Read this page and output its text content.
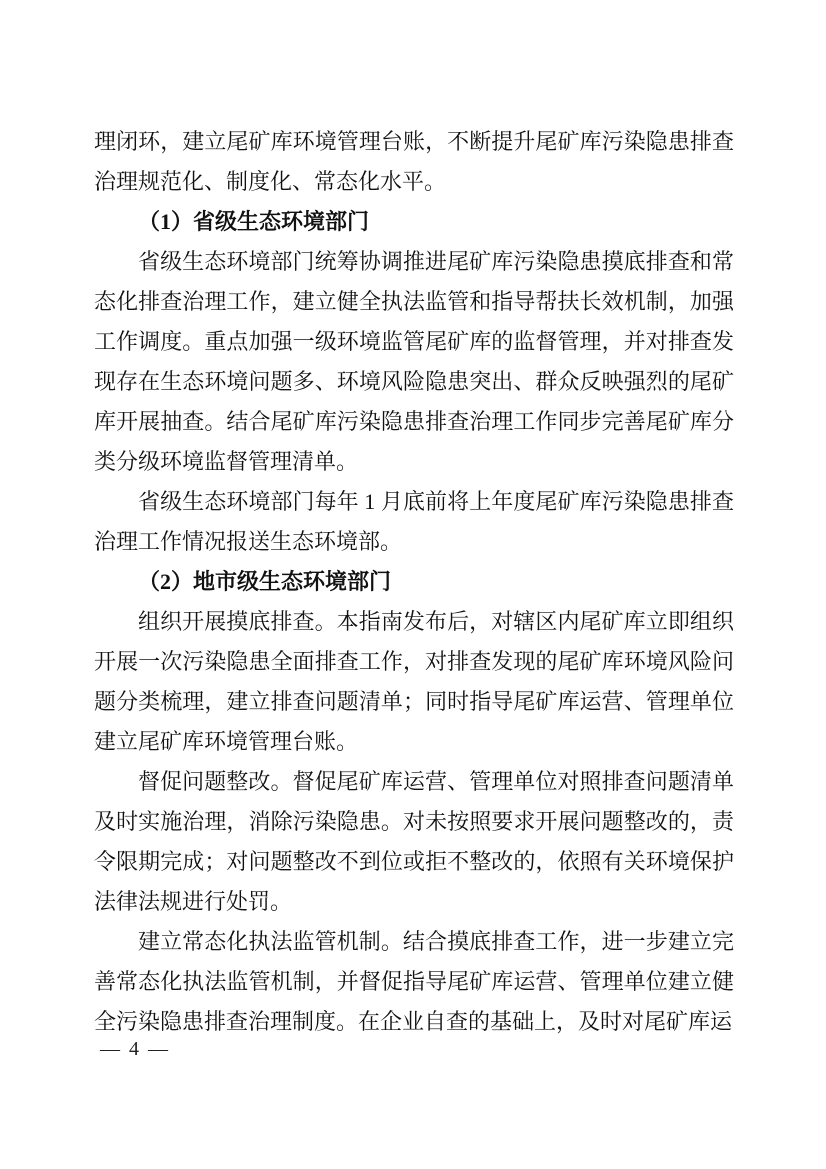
理闭环，建立尾矿库环境管理台账，不断提升尾矿库污染隐患排查治理规范化、制度化、常态化水平。

（1）省级生态环境部门

省级生态环境部门统筹协调推进尾矿库污染隐患摸底排查和常态化排查治理工作，建立健全执法监管和指导帮扶长效机制，加强工作调度。重点加强一级环境监管尾矿库的监督管理，并对排查发现存在生态环境问题多、环境风险隐患突出、群众反映强烈的尾矿库开展抽查。结合尾矿库污染隐患排查治理工作同步完善尾矿库分类分级环境监督管理清单。

省级生态环境部门每年 1 月底前将上年度尾矿库污染隐患排查治理工作情况报送生态环境部。

（2）地市级生态环境部门

组织开展摸底排查。本指南发布后，对辖区内尾矿库立即组织开展一次污染隐患全面排查工作，对排查发现的尾矿库环境风险问题分类梳理，建立排查问题清单；同时指导尾矿库运营、管理单位建立尾矿库环境管理台账。

督促问题整改。督促尾矿库运营、管理单位对照排查问题清单及时实施治理，消除污染隐患。对未按照要求开展问题整改的，责令限期完成；对问题整改不到位或拒不整改的，依照有关环境保护法律法规进行处罚。

建立常态化执法监管机制。结合摸底排查工作，进一步建立完善常态化执法监管机制，并督促指导尾矿库运营、管理单位建立健全污染隐患排查治理制度。在企业自查的基础上，及时对尾矿库运

— 4 —
